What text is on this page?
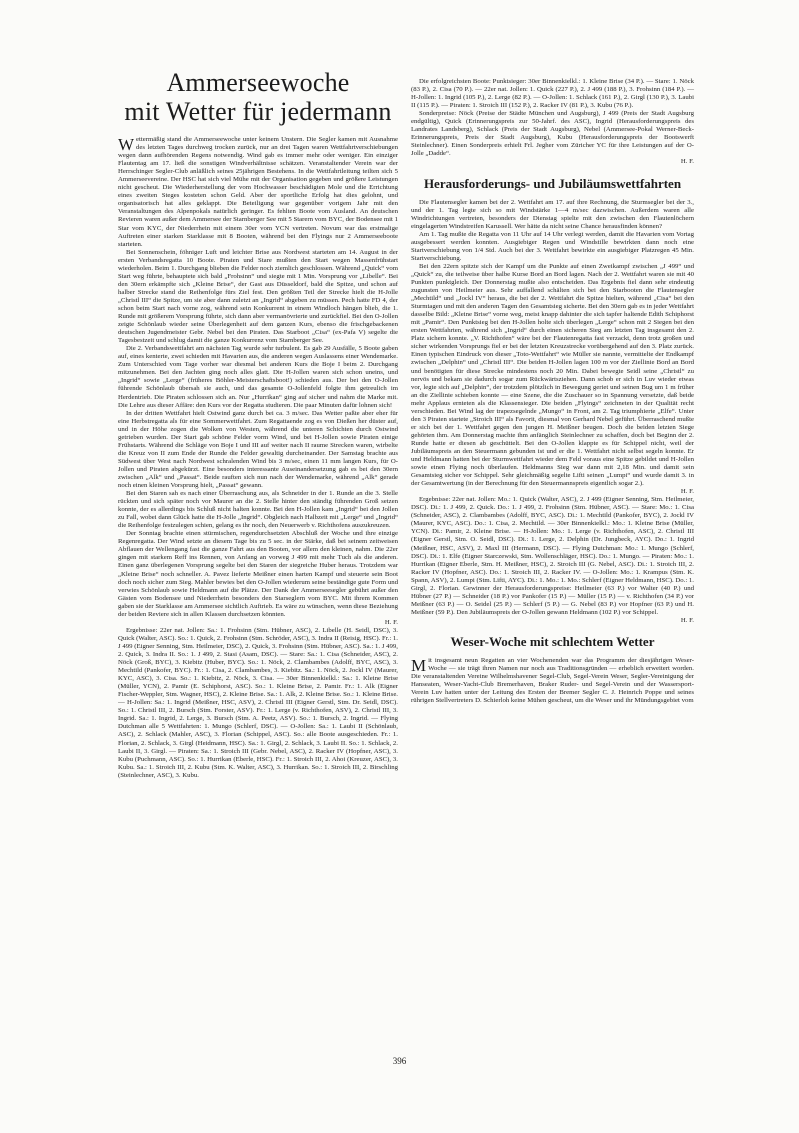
Ammerseewoche
mit Wetter für jedermann

Wettermäßig stand die Ammerseewoche unter keinem Unstern. Die Segler kamen mit Ausnahme des letzten Tages durchweg trocken zurück, nur an drei Tagen waren Wettfahrtverschiebungen wegen dann aufhörenden Regens notwendig. Wind gab es immer mehr oder weniger. Ein einziger Flautentag am 17. ließ die sonstigen Windverhältnisse schätzen. Veranstaltender Verein war der Herrschinger Segler-Club anläßlich seines 25jährigen Bestehens. In die Wettfahrtleitung teilten sich 5 Ammerseevereine. Der HSC hat sich viel Mühe mit der Organisation gegeben und größere Leistungen nicht gescheut. Die Wiederherstellung der vom Hochwasser beschädigten Mole und die Errichtung eines zweiten Steges kosteten schon Geld. Aber der sportliche Erfolg hat dies gelohnt, und organisatorisch hat alles geklappt. Die Beteiligung war gegenüber vorigem Jahr mit den Veranstaltungen des Alpenpokals natürlich geringer. Es fehlten Boote vom Ausland. An deutschen Revieren waren außer dem Ammersee der Starnberger See mit 5 Starern vom BYC, der Bodensee mit 1 Star vom KYC, der Niederrhein mit einem 30er vom YCN vertreten. Novum war das erstmalige Auftreten einer starken Starklasse mit 8 Booten, während bei den Flyings nur 2 Ammerseeboote starteten.

Bei Sonnenschein, föhniger Luft und leichter Brise aus Nordwest starteten am 14. August in der ersten Verbandsregatta 10 Boote. Piraten und Stare mußten den Start wegen Massenfrühstart wiederholen. Beim 1. Durchgang blieben die Felder noch ziemlich geschlossen. Während „Quick“ vom Start weg führte, behauptete sich bald „Frohsinn“ und siegte mit 1 Min. Vorsprung vor „Libelle“. Bei den 30ern erkämpfte sich „Kleine Brise“, der Gast aus Düsseldorf, bald die Spitze, und schon auf halber Strecke stand die Reihenfolge fürs Ziel fest. Den größten Teil der Strecke hielt die H-Jolle „Christl III“ die Spitze, um sie aber dann zuletzt an „Ingrid“ abgeben zu müssen. Pech hatte FD 4, der schon beim Start nach vorne zog, während sein Konkurrent in einem Windloch hängen blieb, die 1. Runde mit größerem Vorsprung führte, sich dann aber vermanövrierte und zurückfiel. Bei den O-Jollen zeigte Schönlaub wieder seine Überlegenheit auf dem ganzen Kurs, ebenso die frischgebackenen deutschen Jugendmeister Gebr. Nebel bei den Piraten. Das Starboot „Cisa“ (ex-Pafa V) segelte die Tagesbestzeit und schlug damit die ganze Konkurrenz vom Starnberger See.

Die 2. Verbandswettfahrt am nächsten Tag wurde sehr turbulent. Es gab 29 Ausfälle, 5 Boote gaben auf, eines kenterte, zwei schieden mit Havarien aus, die anderen wegen Auslassens einer Wendemarke. Zum Unterschied vom Tage vorher war diesmal bei anderen Kurs die Boje I beim 2. Durchgang mitzunehmen. Bei den Jachten ging noch alles glatt. Die H-Jollen waren sich schon uneins, und „Ingrid“ sowie „Lerge“ (früheres Böhler-Meisterschaftsboot!) schieden aus. Der bei den O-Jollen führende Schönlaub übersah sie auch, und das gesamte O-Jollenfeld folgte ihm getreulich im Herdentrieb. Die Piraten schlossen sich an. Nur „Hurrikan“ ging auf sicher und nahm die Marke mit. Die Lehre aus dieser Affäre: den Kurs vor der Regatta studieren. Die paar Minuten dafür lohnen sich!

In der dritten Wettfahrt hielt Ostwind ganz durch bei ca. 3 m/sec. Das Wetter paßte aber eher für eine Herbstregatta als für eine Sommerwettfahrt. Zum Regattaende zog es von Dießen her düster auf, und in der Höhe zogen die Wolken von Westen, während die unteren Schichten durch Ostwind getrieben wurden. Der Start gab schöne Felder vorm Wind, und bei H-Jollen sowie Piraten einige Frühstarts. Während die Schläge von Boje I und III auf weiter nach II raume Strecken waren, wirbelte die Kreuz von II zum Ende der Runde die Felder gewaltig durcheinander. Der Samstag brachte aus Südwest über West nach Nordwest schralenden Wind bis 3 m/sec, einen 11 mm langen Kurs, für O-Jollen und Piraten abgekürzt. Eine besonders interessante Auseinandersetzung gab es bei den 30ern zwischen „Alk“ und „Passat“. Beide rauften sich nun nach der Wendemarke, während „Alk“ gerade noch einen kleinen Vorsprung hielt, „Passat“ gewann.

Bei den Staren sah es nach einer Überraschung aus, als Schneider in der 1. Runde an die 3. Stelle rückten und sich später noch vor Maurer an die 2. Stelle hinter den ständig führenden Groß setzen konnte, der es allerdings bis Schluß nicht halten konnte. Bei den H-Jollen kam „Ingrid“ bei den Jollen zu Fall, wobei dann Glück hatte die H-Jolle „Ingrid“. Obgleich nach Halbzeit mit „Lerge“ und „Ingrid“ die Reihenfolge festzulegen schien, gelang es ihr noch, den Neuerwerb v. Richthofens auszukreuzen.

Der Sonntag brachte einen stürmischen, regendurchsetzten Abschluß der Woche und ihre einzige Regenregatta. Der Wind setzte an diesem Tage bis zu 5 sec. in der Stärke, daß bei seinem zeitweisen Abflauen der Wellengang fast die ganze Fahrt aus den Booten, vor allem den kleinen, nahm. Die 22er gingen mit starkem Reff ins Rennen, von Anfang an vorweg J 499 mit mehr Tuch als die anderen. Einen ganz überlegenen Vorsprung segelte bei den Staren der siegreiche Huber heraus. Trotzdem war „Kleine Brise“ noch schneller. A. Pavez lieferte Meißner einen harten Kampf und steuerte sein Boot doch noch sicher zum Sieg. Mahler bewies bei den O-Jollen wiederum seine beständige gute Form und verwies Schönlaub sowie Heldmann auf die Plätze. Der Dank der Ammerseesegler gebührt außer den Gästen vom Bodensee und Niederrhein besonders den Starseglern vom BYC. Mit ihrem Kommen gaben sie der Starklasse am Ammersee sichtlich Auftrieb. Es wäre zu wünschen, wenn diese Beziehung der beiden Reviere sich in allen Klassen durchsetzen könnten.

H. F.

Ergebnisse: 22er nat. Jollen: Sa.: 1. Frohsinn (Stm. Hübner, ASC), 2. Libelle (H. Seidl, DSC), 3. Quick (Walter, ASC). So.: 1. Quick, 2. Frohsinn (Stm. Schröder, ASC), 3. Indra II (Reisig, HSC). Fr.: 1. J 499 (Eigner Senning, Stm. Heilmeier, DSC), 2. Quick, 3. Frohsinn (Stm. Hübner, ASC). Sa.: 1. J 499, 2. Quick, 3. Indra II. So.: 1. J 499, 2. Stasi (Asam, DSC). — Stare: Sa.: 1. Cisa (Schneider, ASC), 2. Nöck (Groß, BYC), 3. Kiebitz (Huber, BYC). So.: 1. Nöck, 2. Clambambes (Adolff, BYC, ASC), 3. Mechtild (Pankofer, BYC). Fr.: 1. Cisa, 2. Clambambes, 3. Kiebitz. Sa.: 1. Nöck, 2. Jockl IV (Maurer, KYC, ASC), 3. Cisa. So.: 1. Kiebitz, 2. Nöck, 3. Cisa. — 30er Binnenkielkl.: Sa.: 1. Kleine Brise (Müller, YCN), 2. Pamir (E. Schiphorst, ASC). So.: 1. Kleine Brise, 2. Pamir. Fr.: 1. Alk (Eigner Fischer-Weppler, Stm. Wagner, HSC), 2. Kleine Brise. Sa.: 1. Alk, 2. Kleine Brise. So.: 1. Kleine Brise. — H-Jollen: Sa.: 1. Ingrid (Meißner, HSC, ASV), 2. Christl III (Eigner Gerstl, Stm. Dr. Seidl, DSC). So.: 1. Christl III, 2. Bursch (Stm. Forster, ASV). Fr.: 1. Lerge (v. Richthofen, ASV), 2. Christl III, 3. Ingrid. Sa.: 1. Ingrid, 2. Lerge, 3. Bursch (Stm. A. Peetz, ASV). So.: 1. Bursch, 2. Ingrid. — Flying Dutchman alle 5 Wettfahrten: 1. Mungo (Schlerf, DSC). — O-Jollen: Sa.: 1. Laubi II (Schönlaub, ASC), 2. Schlack (Mahler, ASC), 3. Florian (Schippel, ASC). So.: alle Boote ausgeschieden. Fr.: 1. Florian, 2. Schlack, 3. Girgl (Heidmann, HSC). Sa.: 1. Girgl, 2. Schlack, 3. Laubi II. So.: 1. Schlack, 2. Laubi II, 3. Girgl. — Piraten: Sa.: 1. Stroich III (Gebr. Nebel, ASC), 2. Racker IV (Hopfner, ASC), 3. Kubu (Puchmann, ASC). So.: 1. Hurrikan (Eberle, HSC). Fr.: 1. Stroich III, 2. Ahoi (Kreuzer, ASC), 3. Kubu. Sa.: 1. Stroich III, 2. Kubu (Stm. K. Walter, ASC), 3. Hurrikan. So.: 1. Stroich III, 2. Birschling (Steinlechner, ASC), 3. Kubu.

Die erfolgreichsten Boote: Punktsieger: 30er Binnenkielkl.: 1. Kleine Brise (34 P.). — Stare: 1. Nöck (83 P.), 2. Cisa (70 P.). — 22er nat. Jollen: 1. Quick (227 P.), 2. J 499 (188 P.), 3. Frohsinn (184 P.). — H-Jollen: 1. Ingrid (105 P.), 2. Lerge (82 P.). — O-Jollen: 1. Schlack (161 P.), 2. Girgl (130 P.), 3. Laubi II (115 P.). — Piraten: 1. Stroich III (152 P.), 2. Racker IV (81 P.), 3. Kubu (76 P.).

Sonderpreise: Nöck (Preise der Städte München und Augsburg), J 499 (Preis der Stadt Augsburg endgültig), Quick (Erinnerungspreis zur 50-Jahrf. des ASC), Ingrid (Herausforderungspreis des Landrates Landsberg), Schlack (Preis der Stadt Augsburg), Nebel (Ammersee-Pokal Werner-Beck-Erinnerungspreis, Preis der Stadt Augsburg), Kubu (Herausforderungspreis der Bootswerft Steinlechner). Einen Sonderpreis erhielt Frl. Jegher vom Züricher YC für ihre Leistungen auf der O-Jolle „Dadde“.

H. F.

Herausforderungs- und Jubiläumswettfahrten

Die Flautensegler kamen bei der 2. Wettfahrt am 17. auf ihre Rechnung, die Sturmsegler bei der 3., und der 1. Tag legte sich so mit Windstärke 1—4 m/sec dazwischen. Außerdem waren alle Windrichtungen vertreten, besonders der Dienstag spielte mit den zwischen den Flautenlöchern eingelagerten Windstreifen Karussell. Wer hätte da nicht seine Chance herausfinden können?

Am 1. Tag mußte die Regatta von 11 Uhr auf 14 Uhr verlegt werden, damit die Havarien vom Vortag ausgebessert werden konnten. Ausgiebiger Regen und Windstille bewirkten dann noch eine Startverschiebung von 1/4 Std. Auch bei der 3. Wettfahrt bewirkte ein ausgiebiger Platzregen 45 Min. Startverschiebung.

Bei den 22ern spitzte sich der Kampf um die Punkte auf einen Zweikampf zwischen „J 499“ und „Quick“ zu, die teilweise über halbe Kurse Bord an Bord lagen. Nach der 2. Wettfahrt waren sie mit 40 Punkten punktgleich. Der Donnerstag mußte also entscheiden. Das Ergebnis fiel dann sehr eindeutig zugunsten von Heilmeier aus. Sehr auffallend schälten sich bei den Starbooten die Flautensegler „Mechtild“ und „Jockl IV“ heraus, die bei der 2. Wettfahrt die Spitze hielten, während „Cisa“ bei den Sturmtagen und mit den anderen Tagen den Gesamtsieg sicherte. Bei den 30ern gab es in jeder Wettfahrt dasselbe Bild: „Kleine Brise“ vorne weg, meist knapp dahinter die sich tapfer haltende Edith Schiphorst mit „Pamir“. Den Punktsieg bei den H-Jollen holte sich überlegen „Lerge“ schon mit 2 Siegen bei den ersten Wettfahrten, während sich „Ingrid“ durch einen sicheren Sieg am letzten Tag insgesamt den 2. Platz sichern konnte. „V. Richthofen“ wäre bei der Flautenregatta fast verzackt, denn trotz großen und sicher wirkenden Vorsprungs fiel er bei der letzten Kreuzstrecke vorübergehend auf den 3. Platz zurück. Einen typischen Eindruck von dieser „Toto-Wettfahrt“ wie Müller sie nannte, vermittelte der Endkampf zwischen „Delphin“ und „Christl III“. Die beiden H-Jollen lagen 100 m vor der Ziellinie Bord an Bord und benötigten für diese Strecke mindestens noch 20 Min. Dabei bewegte Seidl seine „Christl“ zu nervös und bekam sie dadurch sogar zum Rückwärtsziehen. Dann schob er sich in Luv wieder etwas vor, legte sich auf „Delphin“, der trotzdem plötzlich in Bewegung geriet und seinen Bug um 1 m früher an die Ziellinie schieben konnte — eine Szene, die die Zuschauer so in Spannung versetzte, daß beide mehr Applaus ernteten als die Klassensieger. Die beiden „Flyings“ zeichneten in der Qualität recht verschieden. Bei Wind lag der trapezsegelnde „Mungo“ in Front, am 2. Tag triumphierte „Elfe“. Unter den 3 Piraten startete „Stroich III“ als Favorit, diesmal von Gerhard Nebel geführt. Überraschend mußte er sich bei der 1. Wettfahrt gegen den jungen H. Meißner beugen. Doch die beiden letzten Siege gehörten ihm. Am Donnerstag machte ihm anfänglich Steinlechner zu schaffen, doch bei Beginn der 2. Runde hatte er diesen ab geschüttelt. Bei den O-Jollen klappte es für Schippel nicht, weil der Jubiläumspreis an den Steuermann gebunden ist und er die 1. Wettfahrt nicht selbst segeln konnte. Er und Heldmann hatten bei der Sturmwettfahrt wieder dem Feld voraus eine Spitze gebildet und H-Jollen sowie einen Flying noch überlaufen. Heldmanns Sieg war dann mit 2,18 Min. und damit sein Gesamtsieg sicher vor Schippel. Sehr gleichmäßig segelte Lifti seinen „Lumpi“ und wurde damit 3. in der Gesamtwertung (in der Berechnung für den Steuermannspreis eigentlich sogar 2.).

H. F.

Ergebnisse: 22er nat. Jollen: Mo.: 1. Quick (Walter, ASC), 2. J 499 (Eigner Senning, Stm. Heilmeier, DSC). Di.: 1. J 499, 2. Quick. Do.: 1. J 499, 2. Frohsinn (Stm. Hübner, ASC). — Stare: Mo.: 1. Cisa (Schneider, ASC), 2. Clambambes (Adolff, BYC, ASC). Di.: 1. Mechtild (Pankofer, BYC), 2. Jockl IV (Maurer, KYC, ASC). Do.: 1. Cisa, 2. Mechtild. — 30er Binnenkielkl.: Mo.: 1. Kleine Brise (Müller, YCN). Di.: Pamir, 2. Kleine Brise. — H-Jollen: Mo.: 1. Lerge (v. Richthofen, ASC), 2. Christl III (Eigner Gerstl, Stm. O. Seidl, DSC). Di.: 1. Lerge, 2. Delphin (Dr. Jungbeck, AYC). Do.: 1. Ingrid (Meißner, HSC, ASV), 2. Maxl III (Hermann, DSC). — Flying Dutchman: Mo.: 1. Mungo (Schlerf, DSC). Di.: 1. Elfe (Eigner Starczewski, Stm. Wollenschläger, HSC). Do.: 1. Mungo. — Piraten: Mo.: 1. Hurrikan (Eigner Eberle, Stm. H. Meißner, HSC), 2. Stroich III (G. Nebel, ASC). Di.: 1. Stroich III, 2. Racker IV (Hopfner, ASC). Do.: 1. Stroich III, 2. Racker IV. — O-Jollen: Mo.: 1. Krampus (Stm. K. Spann, ASV), 2. Lumpi (Stm. Lifti, AYC). Di.: 1. Mo.: 1. Mo.: Schlerf (Eigner Heldmann, HSC). Do.: 1. Girgl, 2. Florian. Gewinner der Herausforderungspreise: Heilmeier (63 P.) vor Walter (40 P.) und Hübner (27 P.) — Schneider (18 P.) vor Pankofer (15 P.) — Müller (15 P.) — v. Richthofen (34 P.) vor Meißner (63 P.) — O. Seidel (25 P.) — Schlerf (5 P.) — G. Nebel (83 P.) vor Hopfner (63 P.) und H. Meißner (59 P.). Den Jubiläumspreis der O-Jollen gewann Heldmann (102 P.) vor Schippel.

H. F.

Weser-Woche mit schlechtem Wetter

Mit insgesamt neun Regatten an vier Wochenenden war das Programm der diesjährigen Weser-Woche — sie trägt ihren Namen nur noch aus Traditionsgründen — erheblich erweitert worden. Die veranstaltenden Vereine Wilhelmshavener Segel-Club, Segel-Verein Weser, Segler-Vereinigung der Hanseaten, Weser-Yacht-Club Bremerhaven, Braker Ruder- und Segel-Verein und der Wassersport-Verein Luv hatten unter der Leitung des Ersten der Bremer Segler C. J. Heinrich Poppe und seines rührigen Stellvertreters D. Schierloh keine Mühen gescheut, um die Weser und ihr Mündungsgebiet vom

396
